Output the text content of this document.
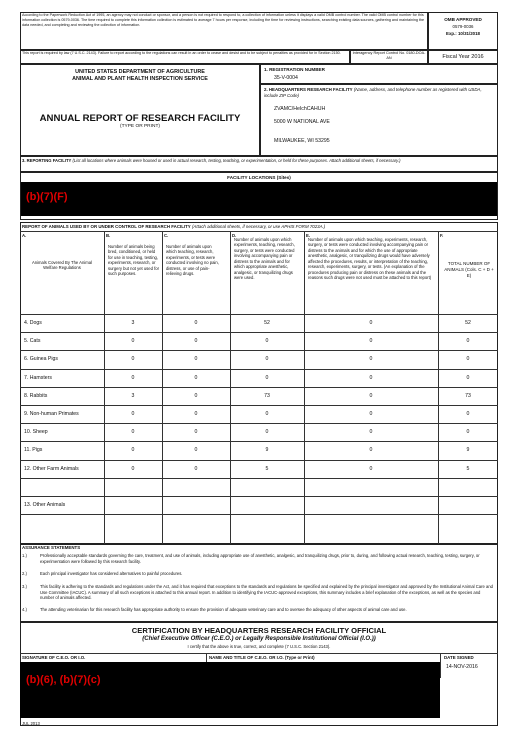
According to the Paperwork Reduction Act of 1995, an agency may not conduct or sponsor, and a person is not required to respond to, a collection of information unless it displays a valid OMB control number. The valid OMB control number for this information collection is 0579-0036. The time required to complete this information collection is estimated to average 7 hours per response, including the time for reviewing instructions, searching existing data sources, gathering and maintaining the data needed, and completing and reviewing the collection of information.
OMB APPROVED
0579-0036
Exp.: 10/31/2018
This report is required by law (7 U.S.C. 2143). Failure to report according to the regulations can result in an order to cease and desist and to be subject to penalties as provided for in Section 2150.	Interagency Report Control No. 0180-DOA-AN	Fiscal Year 2016
UNITED STATES DEPARTMENT OF AGRICULTURE
ANIMAL AND PLANT HEALTH INSPECTION SERVICE
ANNUAL REPORT OF RESEARCH FACILITY
(TYPE OR PRINT)
1. REGISTRATION NUMBER
35-V-0004
2. HEADQUARTERS RESEARCH FACILITY (Name, address, and telephone number as registered with USDA, include ZIP Code)
ZVAMC/HeIchCAHUH
5000 W NATIONAL AVE
MILWAUKEE, WI 53295
3. REPORTING FACILITY (List all locations where animals were housed or used in actual research, testing, teaching, or experimentation, or held for these purposes. Attach additional sheets, if necessary.)
FACILITY LOCATIONS (Sites)
(b)(7)(F)
REPORT OF ANIMALS USED BY OR UNDER CONTROL OF RESEARCH FACILITY (Attach additional sheets, if necessary, or use APHIS FORM 7023A.)
A.	B.	C.	D.	E.	F.
Animals Covered By The Animal Welfare Regulations
Number of animals being bred, conditioned, or held for use in teaching, testing, experiments, research, or surgery but not yet used for such purposes.
Number of animals upon which teaching, research, experiments, or tests were conducted involving no pain, distress, or use of pain-relieving drugs.
Number of animals upon which experiments, teaching, research, surgery, or tests were conducted involving accompanying pain or distress to the animals and for which appropriate anesthetic, analgesic, or tranquilizing drugs were used.
Number of animals upon which teaching, experiments, research, surgery, or tests were conducted involving accompanying pain or distress to the animals and for which the use of appropriate anesthetic, analgesic, or tranquilizing drugs would have adversely affected the procedures, results, or interpretation of the teaching, research, experiments, surgery, or tests. (An explanation of the procedures producing pain or distress on these animals and the reasons such drugs were not used must be attached to this report)
TOTAL NUMBER OF ANIMALS (Cols. C + D + E)
4. Dogs	3	0	52	0	52
5. Cats	0	0	0	0	0
6. Guinea Pigs	0	0	0	0	0
7. Hamsters	0	0	0	0	0
8. Rabbits	3	0	73	0	73
9. Non-human Primates	0	0	0	0	0
10. Sheep	0	0	0	0	0
11. Pigs	0	0	9	0	9
12. Other Farm Animals	0	0	5	0	5
13. Other Animals
ASSURANCE STATEMENTS
1.)	Professionally acceptable standards governing the care, treatment, and use of animals, including appropriate use of anesthetic, analgesic, and tranquilizing drugs, prior to, during, and following actual research, teaching, testing, surgery, or experimentation were followed by this research facility.
2.)	Each principal investigator has considered alternatives to painful procedures.
3.)	This facility is adhering to the standards and regulations under the Act, and it has required that exceptions to the standards and regulations be specified and explained by the principal investigator and approved by the Institutional Animal Care and Use Committee (IACUC). A summary of all such exceptions is attached to this annual report. In addition to identifying the IACUC-approved exceptions, this summary includes a brief explanation of the exceptions, as well as the species and number of animals affected.
4.)	The attending veterinarian for this research facility has appropriate authority to ensure the provision of adequate veterinary care and to oversee the adequacy of other aspects of animal care and use.
CERTIFICATION BY HEADQUARTERS RESEARCH FACILITY OFFICIAL
(Chief Executive Officer (C.E.O.) or Legally Responsible Institutional Official (I.O.))
I certify that the above is true, correct, and complete (7 U.S.C. Section 2143).
SIGNATURE OF C.E.O. OR I.O.	NAME AND TITLE OF C.E.O. OR I.O. (Type or Print)	DATE SIGNED
14-NOV-2016
(b)(6), (b)(7)(c)
JUL 2013
